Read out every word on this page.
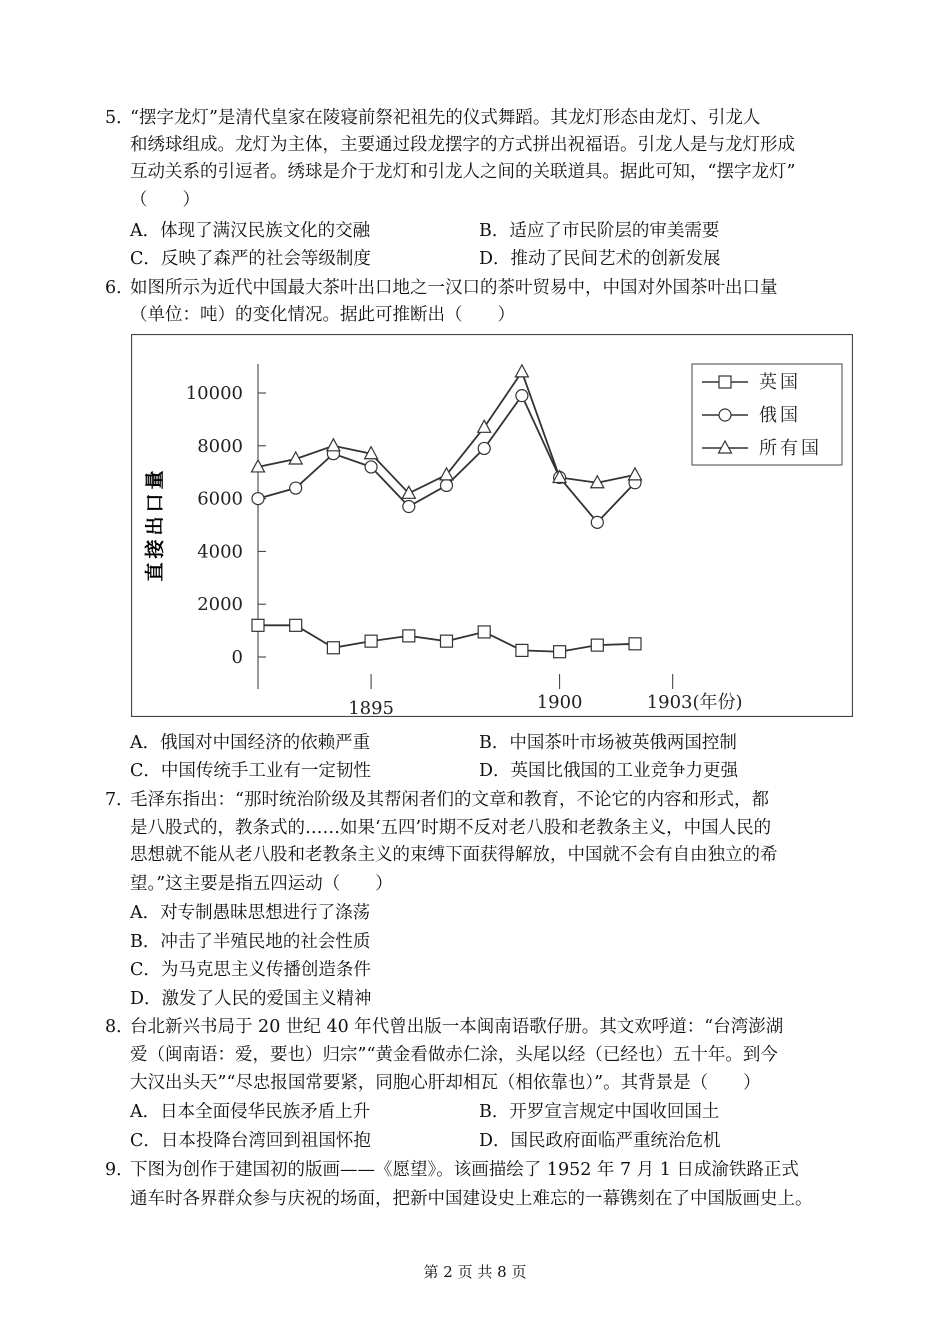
5．
“摆字龙灯”是清代皇家在陵寝前祭祀祖先的仪式舞蹈。其龙灯形态由龙灯、引龙人
和绣球组成。龙灯为主体，主要通过段龙摆字的方式拼出祝福语。引龙人是与龙灯形成
互动关系的引逗者。绣球是介于龙灯和引龙人之间的关联道具。据此可知，“摆字龙灯”
（　　）
A．体现了满汉民族文化的交融	B．适应了市民阶层的审美需要
C．反映了森严的社会等级制度	D．推动了民间艺术的创新发展
6．
如图所示为近代中国最大茶叶出口地之一汉口的茶叶贸易中，中国对外国茶叶出口量
（单位：吨）的变化情况。据此可推断出（　　）
0
2000
4000
6000
8000
10000
1895	1900	1903(年份)
直接出口量
英国
俄国
所有国
A．俄国对中国经济的依赖严重	B．中国茶叶市场被英俄两国控制
C．中国传统手工业有一定韧性	D．英国比俄国的工业竞争力更强
7．
毛泽东指出：“那时统治阶级及其帮闲者们的文章和教育，不论它的内容和形式，都
是八股式的，教条式的……如果‘五四’时期不反对老八股和老教条主义，中国人民的
思想就不能从老八股和老教条主义的束缚下面获得解放，中国就不会有自由独立的希
望。”这主要是指五四运动（　　）
A．对专制愚昧思想进行了涤荡
B．冲击了半殖民地的社会性质
C．为马克思主义传播创造条件
D．激发了人民的爱国主义精神
8．
台北新兴书局于 20 世纪 40 年代曾出版一本闽南语歌仔册。其文欢呼道：“台湾澎湖
爱（闽南语：爱，要也）归宗”“黄金看做赤仁涂，头尾以经（已经也）五十年。到今
大汉出头天”“尽忠报国常要紧，同胞心肝却相瓦（相依靠也）”。其背景是（　　）
A．日本全面侵华民族矛盾上升	B．开罗宣言规定中国收回国土
C．日本投降台湾回到祖国怀抱	D．国民政府面临严重统治危机
9．
下图为创作于建国初的版画——《愿望》。该画描绘了 1952 年 7 月 1 日成渝铁路正式
通车时各界群众参与庆祝的场面，把新中国建设史上难忘的一幕镌刻在了中国版画史上。
第 2 页 共 8 页
